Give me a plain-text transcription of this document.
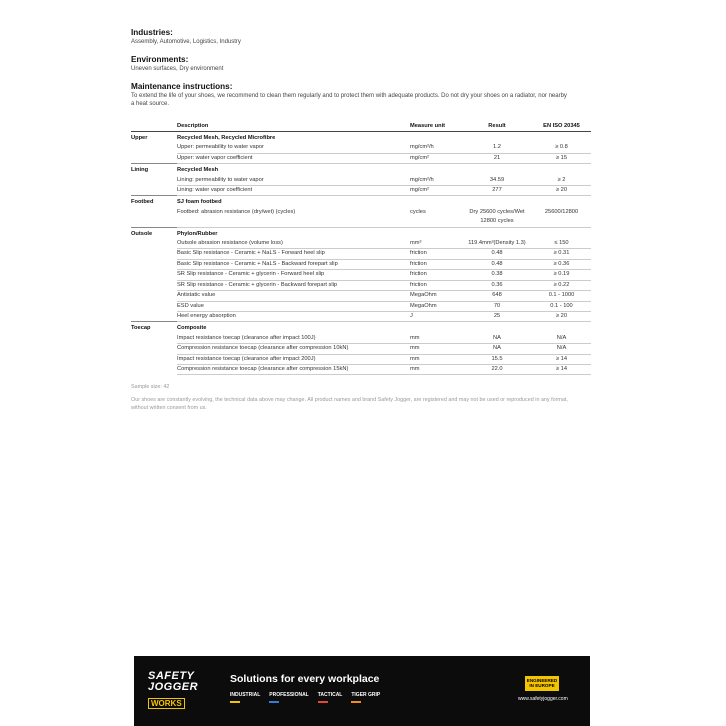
Industries:

Assembly, Automotive, Logistics, Industry

Environments:

Uneven surfaces, Dry environment

Maintenance instructions:

To extend the life of your shoes, we recommend to clean them regularly and to protect them with adequate products. Do not dry your shoes on a radiator, nor nearby a heat source.

	Description	Measure unit	Result	EN ISO 20345
Upper	Recycled Mesh, Recycled Microfibre			
	Upper: permeability to water vapor	mg/cm²/h	1.2	≥ 0.8
	Upper: water vapor coefficient	mg/cm²	21	≥ 15
Lining	Recycled Mesh			
	Lining: permeability to water vapor	mg/cm²/h	34.59	≥ 2
	Lining: water vapor coefficient	mg/cm²	277	≥ 20
Footbed	SJ foam footbed			
	Footbed: abrasion resistance (dry/wet) (cycles)	cycles	Dry 25600 cycles/Wet 12800 cycles	25600/12800
Outsole	Phylon/Rubber			
	Outsole abrasion resistance (volume loss)	mm³	119.4mm³(Density 1.3)	≤ 150
	Basic Slip resistance - Ceramic + NaLS - Forward heel slip	friction	0.48	≥ 0.31
	Basic Slip resistance - Ceramic + NaLS - Backward forepart slip	friction	0.48	≥ 0.36
	SR Slip resistance - Ceramic + glycerin - Forward heel slip	friction	0.38	≥ 0.19
	SR Slip resistance - Ceramic + glycerin - Backward forepart slip	friction	0.36	≥ 0.22
	Antistatic value	MegaOhm	648	0.1 - 1000
	ESD value	MegaOhm	70	0.1 - 100
	Heel energy absorption	J	25	≥ 20
Toecap	Composite			
	Impact resistance toecap (clearance after impact 100J)	mm	NA	N/A
	Compression resistance toecap (clearance after compression 10kN)	mm	NA	N/A
	Impact resistance toecap (clearance after impact 200J)	mm	15.5	≥ 14
	Compression resistance toecap (clearance after compression 15kN)	mm	22.0	≥ 14
Sample size: 42
Our shoes are constantly evolving, the technical data above may change. All product names and brand Safety Jogger, are registered and may not be used or reproduced in any format, without written consent from us.
SAFETY
JOGGER
WORKS
Solutions for every workplace
INDUSTRIAL PROFESSIONAL TACTICAL TIGER GRIP
ENGINEERED
IN EUROPE
www.safetyjogger.com
